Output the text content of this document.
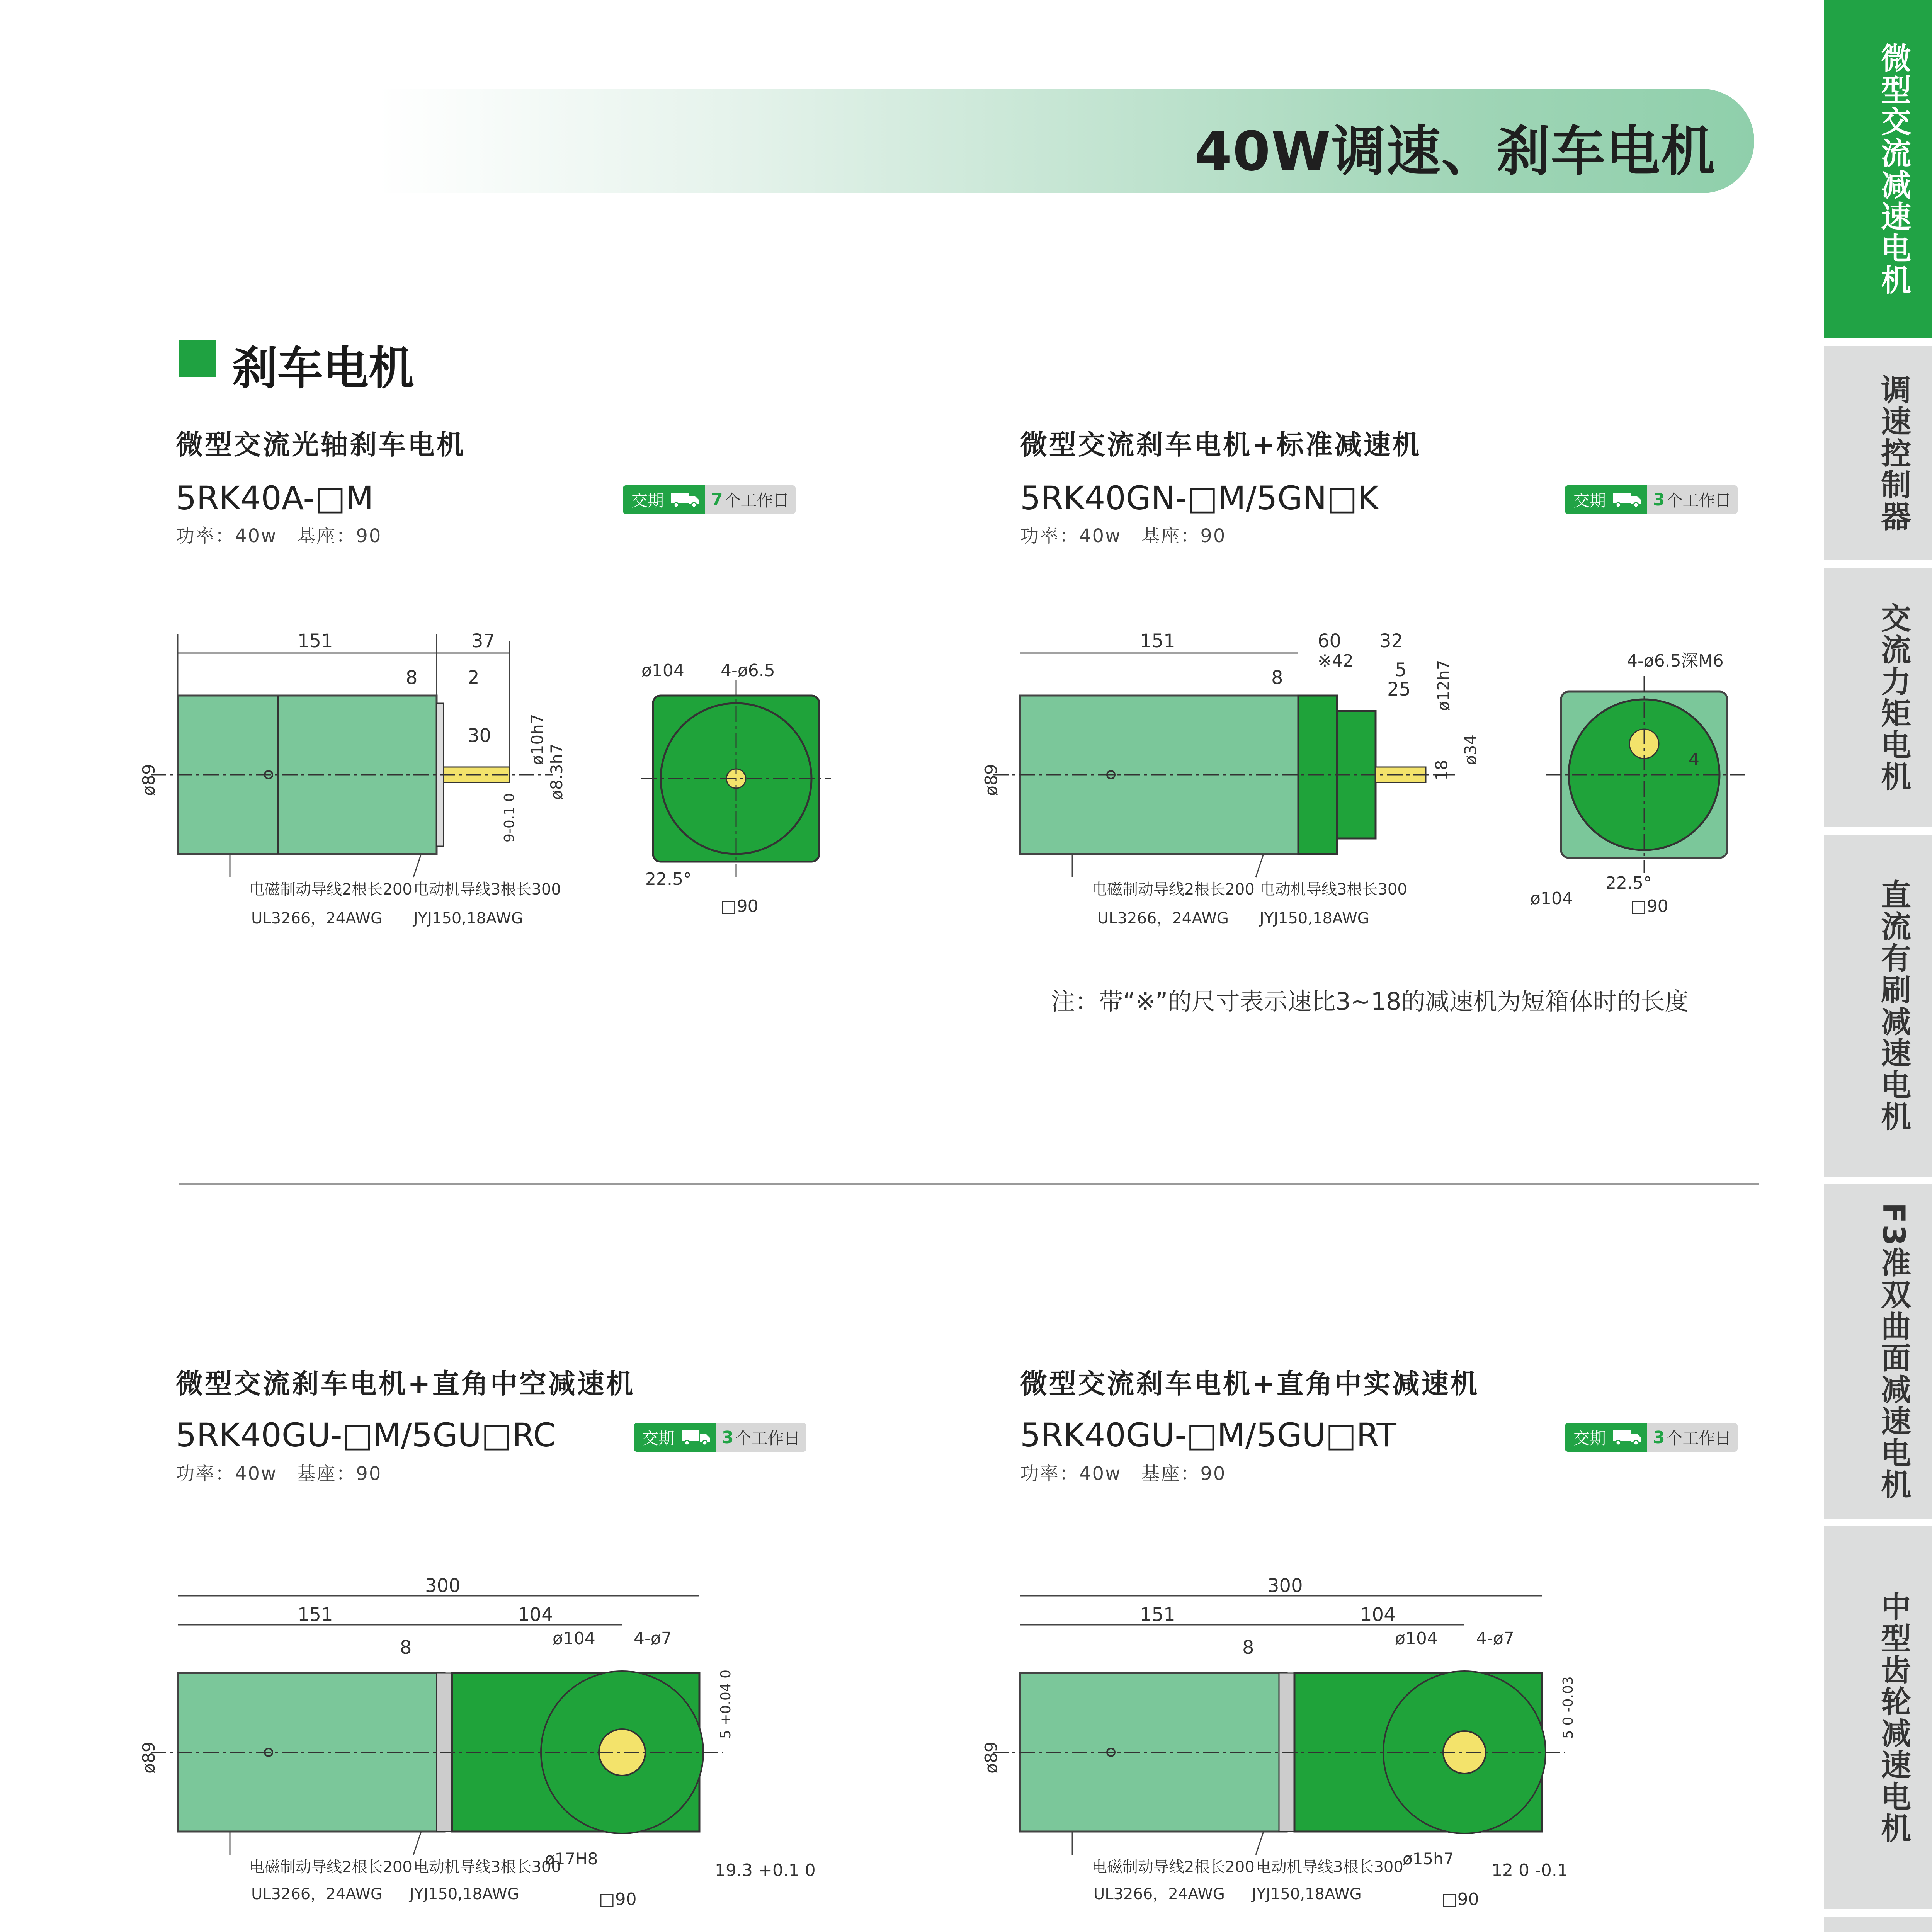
40W调速、刹车电机	微型交流减速电机
调速控制器
交流力矩电机
直流有刷减速电机
F3准双曲面减速电机
中型齿轮减速电机
刹车电机
微型交流光轴刹车电机
5RK40A-□M
功率：40w　基座：90
交期	7 个工作日
微型交流刹车电机+标准减速机
5RK40GN-□M/5GN□K
功率：40w　基座：90
交期	3 个工作日
151	37
8	2
30 ø10h7
ø8.3h7
9-0.1 0
ø89
电磁制动导线2根长200 电动机导线3根长300
UL3266，24AWG JYJ150,18AWG
ø104 4-ø6.5
22.5°
□90
151	60
※42
32
8	5
25 ø12h7
ø34
18
ø89
电磁制动导线2根长200 电动机导线3根长300
UL3266，24AWG JYJ150,18AWG
4-ø6.5深M6
4
22.5°
ø104	□90
注：带“※”的尺寸表示速比3~18的减速机为短箱体时的长度
微型交流刹车电机+直角中空减速机
5RK40GU-□M/5GU□RC
功率：40w　基座：90
交期	3 个工作日
微型交流刹车电机+直角中实减速机
5RK40GU-□M/5GU□RT
功率：40w　基座：90
交期	3 个工作日
300
151	104
8	ø104 4-ø7
5 +0.04 0
ø89
ø17H8
19.3 +0.1 0
□90
电磁制动导线2根长200 电动机导线3根长300
UL3266，24AWG JYJ150,18AWG
300
151	104
8	ø104 4-ø7
5 0 -0.03
ø89
ø15h7
12 0 -0.1
□90
电磁制动导线2根长200 电动机导线3根长300
UL3266，24AWG JYJ150,18AWG
